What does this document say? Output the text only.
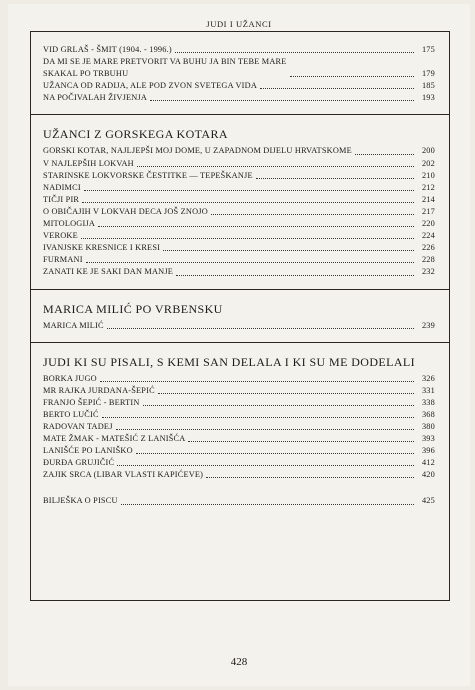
JUDI I UŽANCI
VID GRLAŠ - ŠMIT (1904. - 1996.)	175
DA MI SE JE MARE PRETVORIT VA BUHU JA BIN TEBE MARE
SKAKAL PO TRBUHU	179
UŽANCA OD RADIJA, ALE POD ZVON SVETEGA VIDA	185
NA POČIVALAH ŽIVJENJA	193
UŽANCI Z GORSKEGA KOTARA
GORSKI KOTAR, NAJLJEPŠI MOJ DOME, U ZAPADNOM DIJELU HRVATSKOME	200
V NAJLEPŠIH LOKVAH	202
STARINSKE LOKVORSKE ČESTITKE — TEPEŠKANJE	210
NADIMCI	212
TIČJI PIR	214
O OBIČAJIH V LOKVAH DECA JOŠ ZNOJO	217
MITOLOGIJA	220
VEROKE	224
IVANJSKE KRESNICE I KRESI	226
FURMANI	228
ZANATI KE JE SAKI DAN MANJE	232
MARICA MILIĆ PO VRBENSKU
MARICA MILIĆ	239
JUDI KI SU PISALI, S KEMI SAN DELALA I KI SU ME DODELALI
BORKA JUGO	326
MR RAJKA JURDANA-ŠEPIĆ	331
FRANJO ŠEPIĆ - BERTIN	338
BERTO LUČIĆ	368
RADOVAN TADEJ	380
MATE ŽMAK - MATEŠIĆ Z LANIŠĆA	393
LANIŠĆE PO LANIŠKO	396
ĐURĐA GRUJIČIĆ	412
ZAJIK SRCA (LIBAR VLASTI KAPIĆEVE)	420
BILJEŠKA O PISCU	425
428
